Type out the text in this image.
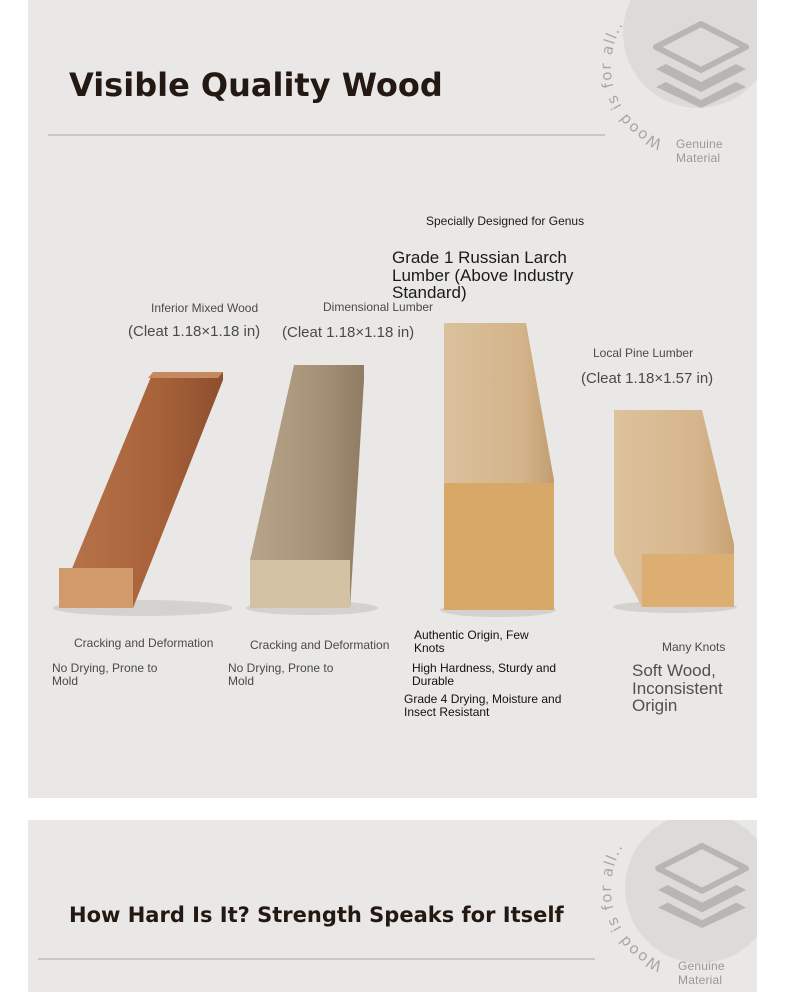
Wood is for all..
Genuine Material
Visible Quality Wood
Specially Designed for Genus
Grade 1 Russian Larch Lumber (Above Industry Standard)
Inferior Mixed Wood
(Cleat 1.18×1.18 in)
Dimensional Lumber
(Cleat 1.18×1.18 in)
Local Pine Lumber
(Cleat 1.18×1.57 in)
Cracking and Deformation
No Drying, Prone to Mold
Cracking and Deformation
No Drying, Prone to Mold
Authentic Origin, Few Knots
High Hardness, Sturdy and Durable
Grade 4 Drying, Moisture and Insect Resistant
Many Knots
Soft Wood, Inconsistent Origin
Wood is for all..
Genuine Material
How Hard Is It? Strength Speaks for Itself
